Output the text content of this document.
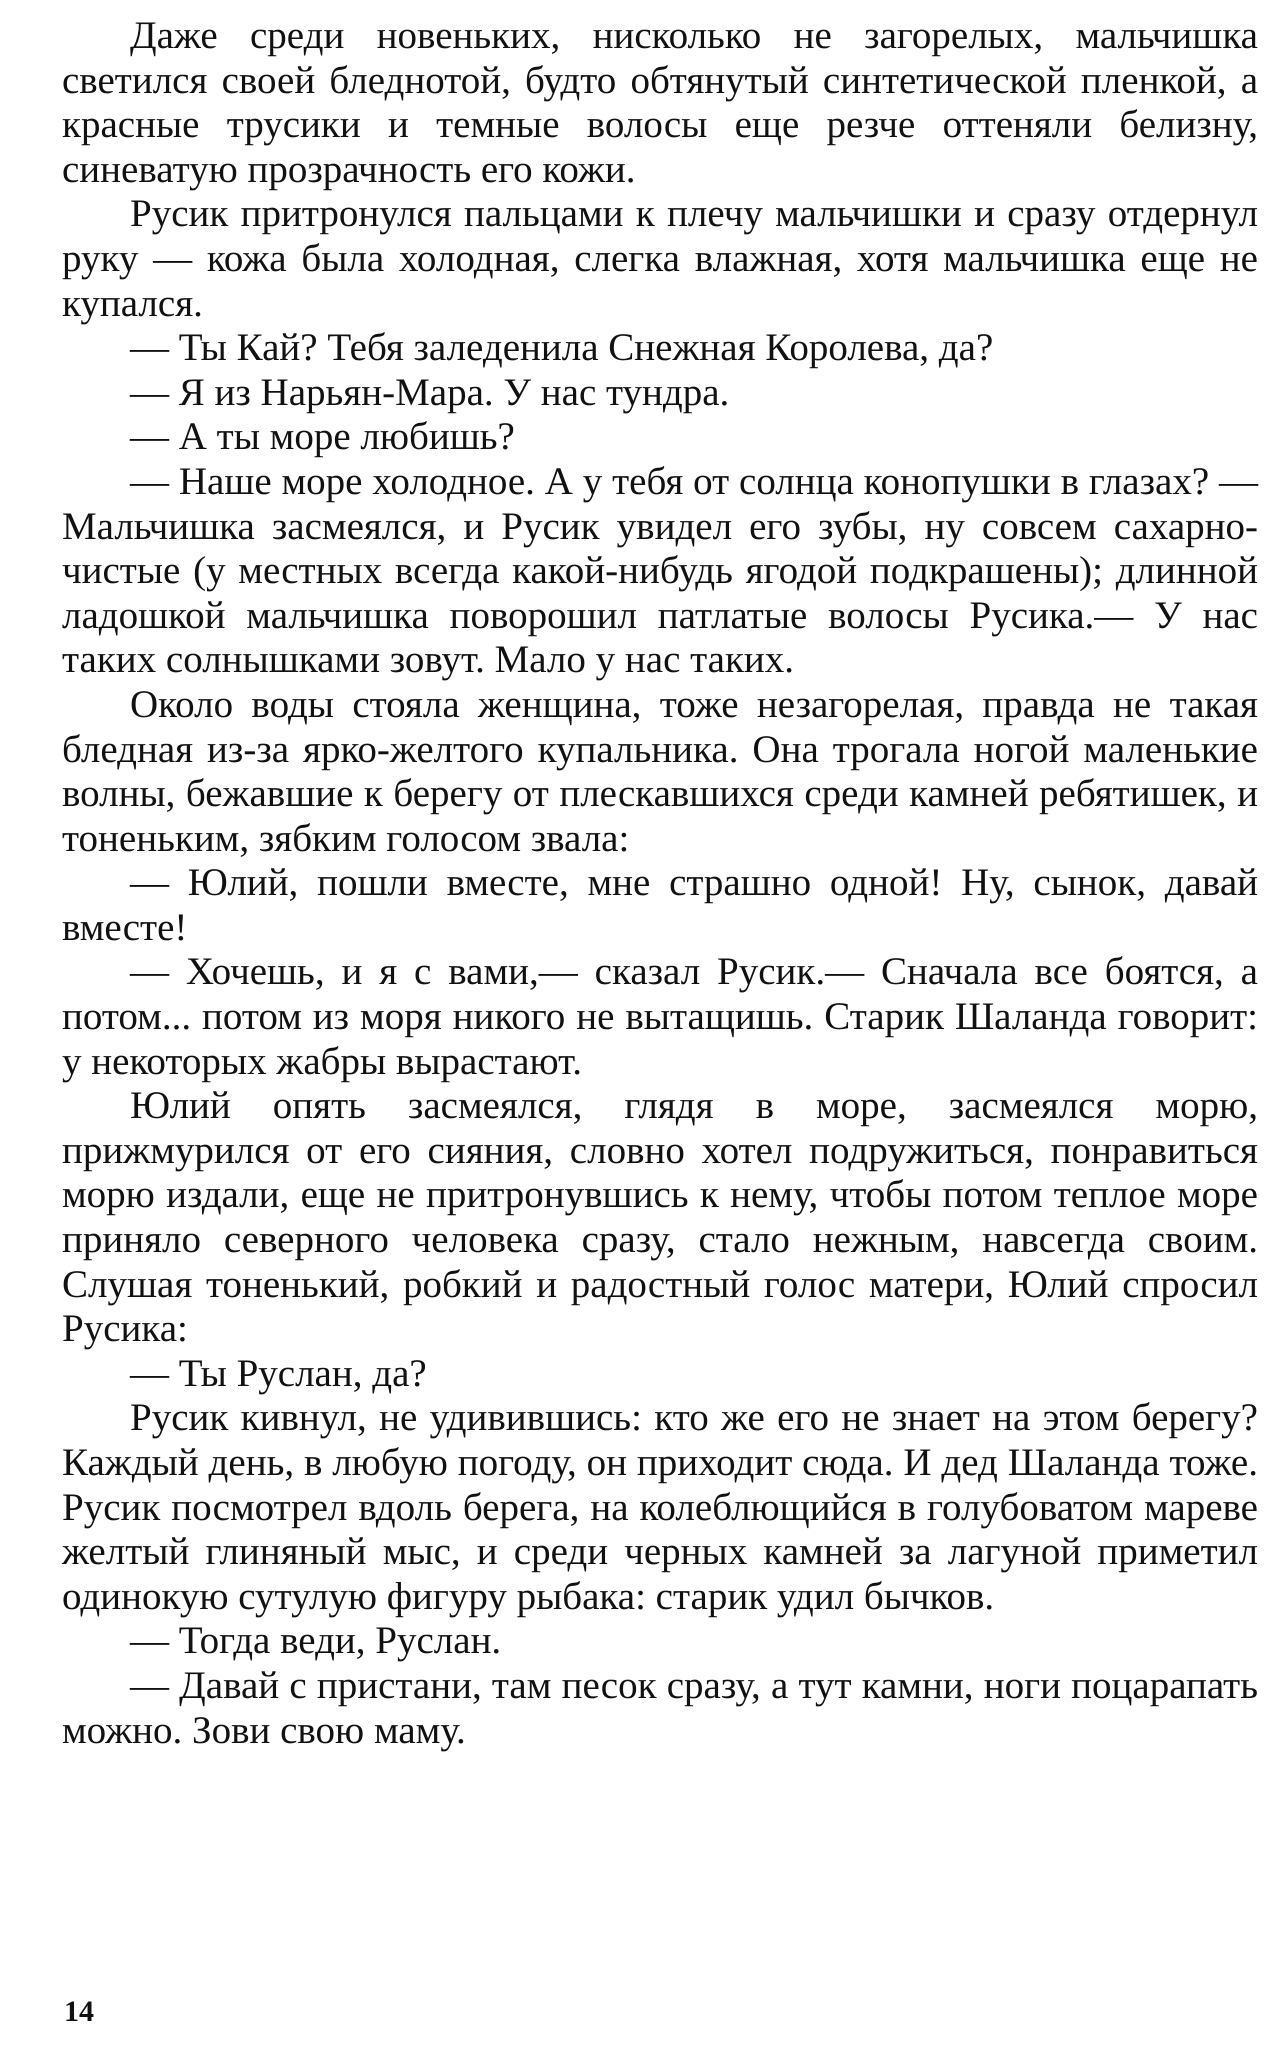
Даже среди новеньких, нисколько не загорелых, мальчишка светился своей бледнотой, будто обтянутый синтетической пленкой, а красные трусики и темные волосы еще резче оттеняли белизну, синеватую прозрачность его кожи.

Русик притронулся пальцами к плечу мальчишки и сразу отдернул руку — кожа была холодная, слегка влажная, хотя мальчишка еще не купался.

— Ты Кай? Тебя заледенила Снежная Королева, да?

— Я из Нарьян-Мара. У нас тундра.

— А ты море любишь?

— Наше море холодное. А у тебя от солнца конопушки в глазах? — Мальчишка засмеялся, и Русик увидел его зубы, ну совсем сахарно-чистые (у местных всегда какой-нибудь ягодой подкрашены); длинной ладошкой мальчишка поворошил патлатые волосы Русика.— У нас таких солнышками зовут. Мало у нас таких.

Около воды стояла женщина, тоже незагорелая, правда не такая бледная из-за ярко-желтого купальника. Она трогала ногой маленькие волны, бежавшие к берегу от плескавшихся среди камней ребятишек, и тоненьким, зябким голосом звала:

— Юлий, пошли вместе, мне страшно одной! Ну, сынок, давай вместе!

— Хочешь, и я с вами,— сказал Русик.— Сначала все боятся, а потом... потом из моря никого не вытащишь. Старик Шаланда говорит: у некоторых жабры вырастают.

Юлий опять засмеялся, глядя в море, засмеялся морю, прижмурился от его сияния, словно хотел подружиться, понравиться морю издали, еще не притронувшись к нему, чтобы потом теплое море приняло северного человека сразу, стало нежным, навсегда своим. Слушая тоненький, робкий и радостный голос матери, Юлий спросил Русика:

— Ты Руслан, да?

Русик кивнул, не удивившись: кто же его не знает на этом берегу? Каждый день, в любую погоду, он приходит сюда. И дед Шаланда тоже. Русик посмотрел вдоль берега, на колеблющийся в голубоватом мареве желтый глиняный мыс, и среди черных камней за лагуной приметил одинокую сутулую фигуру рыбака: старик удил бычков.

— Тогда веди, Руслан.

— Давай с пристани, там песок сразу, а тут камни, ноги поцарапать можно. Зови свою маму.

14
